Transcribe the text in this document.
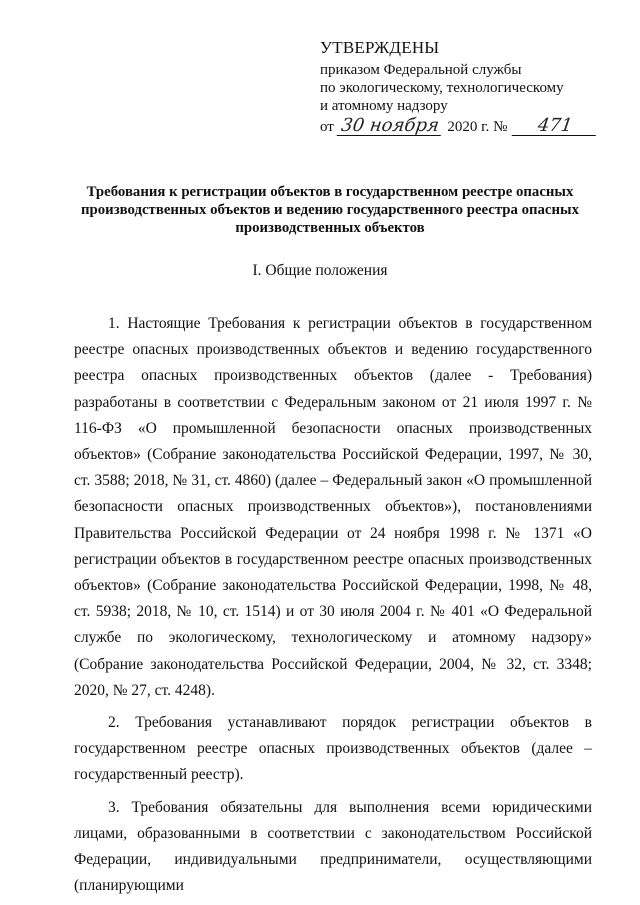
УТВЕРЖДЕНЫ
приказом Федеральной службы
по экологическому, технологическому
и атомному надзору
от 30 ноября 2020 г. № 471
Требования к регистрации объектов в государственном реестре опасных производственных объектов и ведению государственного реестра опасных производственных объектов
I. Общие положения

1. Настоящие Требования к регистрации объектов в государственном реестре опасных производственных объектов и ведению государственного реестра опасных производственных объектов (далее - Требования) разработаны в соответствии с Федеральным законом от 21 июля 1997 г. № 116-ФЗ «О промышленной безопасности опасных производственных объектов» (Собрание законодательства Российской Федерации, 1997, № 30, ст. 3588; 2018, № 31, ст. 4860) (далее – Федеральный закон «О промышленной безопасности опасных производственных объектов»), постановлениями Правительства Российской Федерации от 24 ноября 1998 г. № 1371 «О регистрации объектов в государственном реестре опасных производственных объектов» (Собрание законодательства Российской Федерации, 1998, № 48, ст. 5938; 2018, № 10, ст. 1514) и от 30 июля 2004 г. № 401 «О Федеральной службе по экологическому, технологическому и атомному надзору» (Собрание законодательства Российской Федерации, 2004, № 32, ст. 3348; 2020, № 27, ст. 4248).

2. Требования устанавливают порядок регистрации объектов в государственном реестре опасных производственных объектов (далее – государственный реестр).

3. Требования обязательны для выполнения всеми юридическими лицами, образованными в соответствии с законодательством Российской Федерации, индивидуальными предприниматели, осуществляющими (планирующими
